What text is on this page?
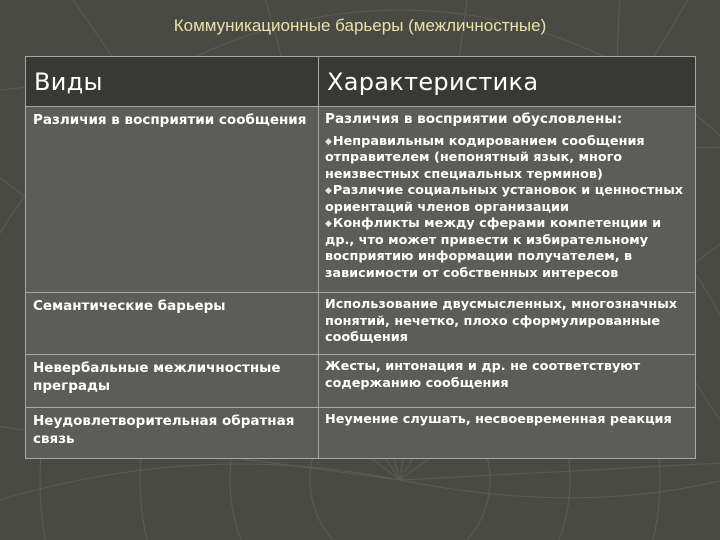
Коммуникационные барьеры (межличностные)
Виды	Характеристика
Различия в восприятии сообщения	Различия в восприятии обусловлены:
◆Неправильным кодированием сообщения отправителем (непонятный язык, много неизвестных специальных терминов)
◆Различие социальных установок и ценностных ориентаций членов организации
◆Конфликты между сферами компетенции и др., что может привести к избирательному восприятию информации получателем, в зависимости от собственных интересов

Семантические барьеры	Использование двусмысленных, многозначных понятий, нечетко, плохо сформулированные сообщения
Невербальные межличностные преграды	Жесты, интонация и др. не соответствуют содержанию сообщения
Неудовлетворительная обратная связь	Неумение слушать, несвоевременная реакция
